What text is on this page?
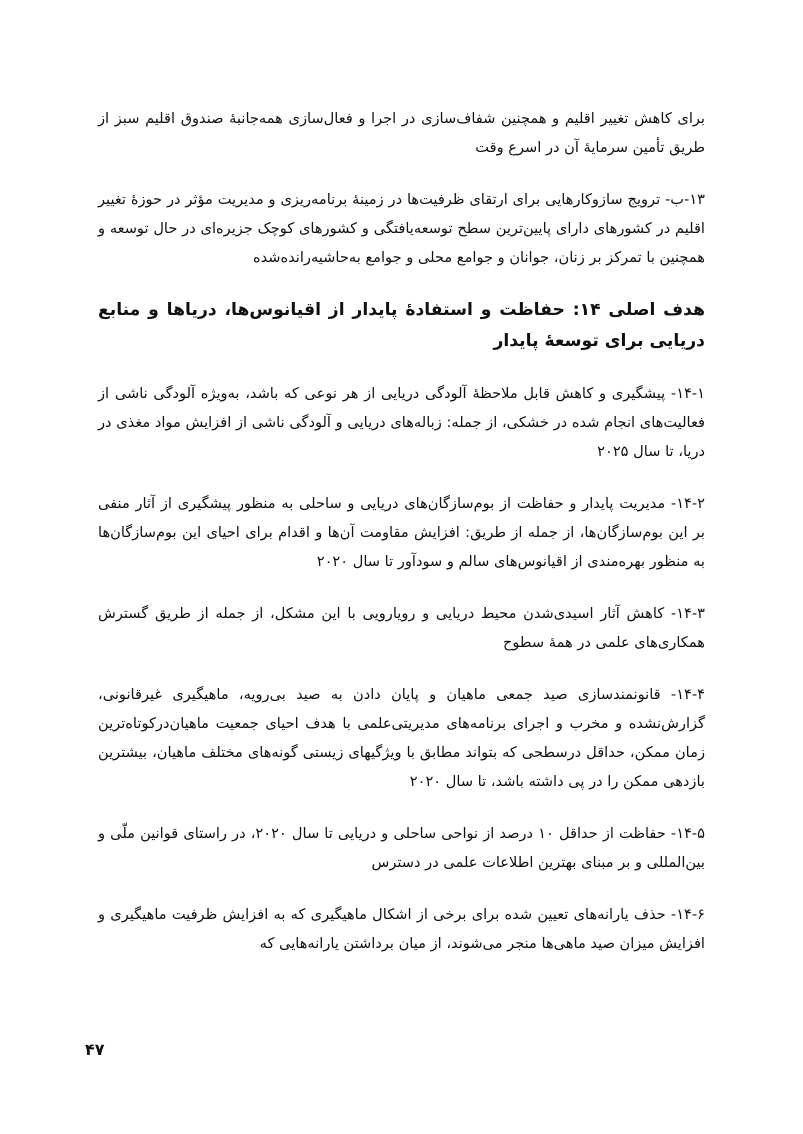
برای کاهش تغییر اقلیم و همچنین شفاف‌سازی در اجرا و فعال‌سازی همه‌جانبهٔ صندوق اقلیم سبز از طریق تأمین سرمایهٔ آن در اسرع وقت

۱۳-ب- ترویج سازوکارهایی برای ارتقای ظرفیت‌ها در زمینهٔ برنامه‌ریزی و مدیریت مؤثر در حوزهٔ تغییر اقلیم در کشورهای دارای پایین‌ترین سطح توسعه‌یافتگی و کشورهای کوچک جزیره‌ای در حال توسعه و همچنین با تمرکز بر زنان، جوانان و جوامع محلی و جوامع به‌حاشیه‌رانده‌شده

هدف اصلی ۱۴: حفاظت و استفادهٔ پایدار از اقیانوس‌ها، دریاها و منابع دریایی برای توسعهٔ پایدار

۱۴-۱- پیشگیری و کاهش قابل ملاحظهٔ آلودگی دریایی از هر نوعی که باشد، به‌ویژه آلودگی ناشی از فعالیت‌های انجام شده در خشکی، از جمله: زباله‌های دریایی و آلودگی ناشی از افزایش مواد مغذی در دریا، تا سال ۲۰۲۵

۱۴-۲- مدیریت پایدار و حفاظت از بوم‌سازگان‌های دریایی و ساحلی به منظور پیشگیری از آثار منفی بر این بوم‌سازگان‌ها، از جمله از طریق: افزایش مقاومت آن‌ها و اقدام برای احیای این بوم‌سازگان‌ها به منظور بهره‌مندی از اقیانوس‌های سالم و سودآور تا سال ۲۰۲۰

۱۴-۳- کاهش آثار اسیدی‌شدن محیط دریایی و رویارویی با این مشکل، از جمله از طریق گسترش همکاری‌های علمی در همهٔ سطوح

۱۴-۴- قانونمندسازی صید جمعی ماهیان و پایان دادن به صید بی‌رویه، ماهیگیری غیرقانونی، گزارش‌نشده و مخرب و اجرای برنامه‌های مدیریتی‌علمی با هدف احیای جمعیت ماهیان‌درکوتاه‌ترین زمان ممکن، حداقل درسطحی که بتواند مطابق با ویژگیهای زیستی گونه‌های مختلف ماهیان، بیشترین بازدهی ممکن را در پی داشته باشد، تا سال ۲۰۲۰

۱۴-۵- حفاظت از حداقل ۱۰ درصد از نواحی ساحلی و دریایی تا سال ۲۰۲۰، در راستای قوانین ملّی و بین‌المللی و بر مبنای بهترین اطلاعات علمی در دسترس

۱۴-۶- حذف یارانه‌های تعیین شده برای برخی از اشکال ماهیگیری که به افزایش ظرفیت ماهیگیری و افزایش میزان صید ماهی‌ها منجر می‌شوند، از میان برداشتن یارانه‌هایی که

۴۷
